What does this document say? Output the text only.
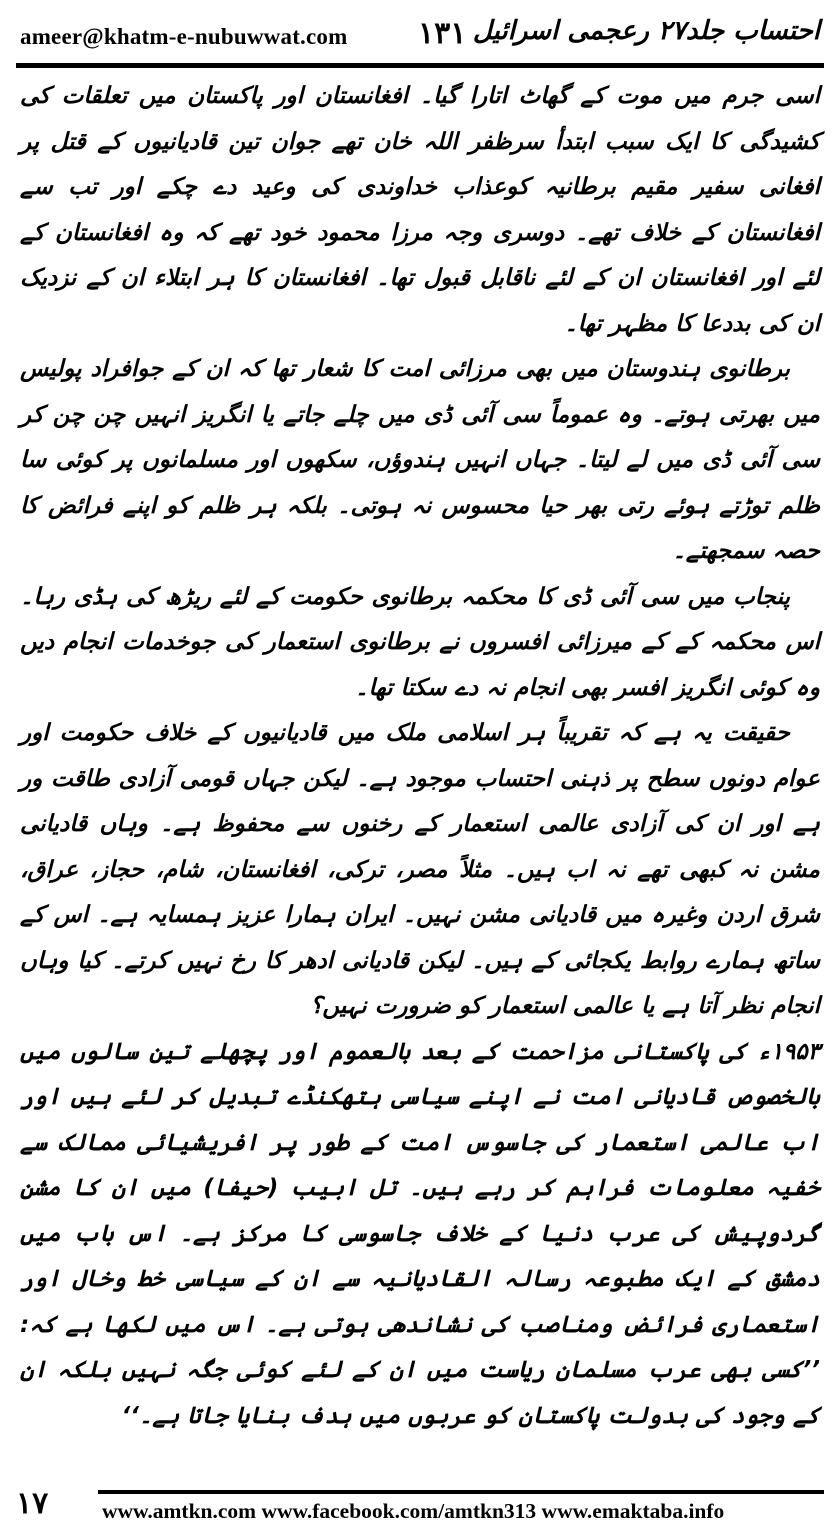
ameer@khatm-e-nubuwwat.com ۱۳۱ احتساب جلد۲۷ رعجمی اسرائیل

اسی جرم میں موت کے گھاٹ اتارا گیا۔ افغانستان اور پاکستان میں تعلقات کی کشیدگی کا ایک سبب ابتدأ سرظفر اللہ خان تھے جوان تین قادیانیوں کے قتل پر افغانی سفیر مقیم برطانیہ کوعذاب خداوندی کی وعید دے چکے اور تب سے افغانستان کے خلاف تھے۔ دوسری وجہ مرزا محمود خود تھے کہ وہ افغانستان کے لئے اور افغانستان ان کے لئے ناقابل قبول تھا۔ افغانستان کا ہر ابتلاء ان کے نزدیک ان کی بددعا کا مظہر تھا۔

برطانوی ہندوستان میں بھی مرزائی امت کا شعار تھا کہ ان کے جوافراد پولیس میں بھرتی ہوتے۔ وہ عموماً سی آئی ڈی میں چلے جاتے یا انگریز انہیں چن چن کر سی آئی ڈی میں لے لیتا۔ جہاں انہیں ہندوؤں، سکھوں اور مسلمانوں پر کوئی سا ظلم توڑتے ہوئے رتی بھر حیا محسوس نہ ہوتی۔ بلکہ ہر ظلم کو اپنے فرائض کا حصہ سمجھتے۔

پنجاب میں سی آئی ڈی کا محکمہ برطانوی حکومت کے لئے ریڑھ کی ہڈی رہا۔ اس محکمہ کے کے میرزائی افسروں نے برطانوی استعمار کی جوخدمات انجام دیں وہ کوئی انگریز افسر بھی انجام نہ دے سکتا تھا۔

حقیقت یہ ہے کہ تقریباً ہر اسلامی ملک میں قادیانیوں کے خلاف حکومت اور عوام دونوں سطح پر ذہنی احتساب موجود ہے۔ لیکن جہاں قومی آزادی طاقت ور ہے اور ان کی آزادی عالمی استعمار کے رخنوں سے محفوظ ہے۔ وہاں قادیانی مشن نہ کبھی تھے نہ اب ہیں۔ مثلاً مصر، ترکی، افغانستان، شام، حجاز، عراق، شرق اردن وغیرہ میں قادیانی مشن نہیں۔ ایران ہمارا عزیز ہمسایہ ہے۔ اس کے ساتھ ہمارے روابط یکجائی کے ہیں۔ لیکن قادیانی ادھر کا رخ نہیں کرتے۔ کیا وہاں انجام نظر آتا ہے یا عالمی استعمار کو ضرورت نہیں؟

۱۹۵۳ء کی پاکستانی مزاحمت کے بعد بالعموم اور پچھلے تین سالوں میں بالخصوص قادیانی امت نے اپنے سیاسی ہتھکنڈے تبدیل کر لئے ہیں اور اب عالمی استعمار کی جاسوس امت کے طور پر افریشیائی ممالک سے خفیہ معلومات فراہم کر رہے ہیں۔ تل ابیب (حیفا) میں ان کا مشن گردوپیش کی عرب دنیا کے خلاف جاسوسی کا مرکز ہے۔ اس باب میں دمشق کے ایک مطبوعہ رسالہ القادیانیہ سے ان کے سیاسی خط وخال اور استعماری فرائض ومناصب کی نشاندھی ہوتی ہے۔ اس میں لکھا ہے کہ: ’’کسی بھی عرب مسلمان ریاست میں ان کے لئے کوئی جگہ نہیں بلکہ ان کے وجود کی بدولت پاکستان کو عربوں میں ہدف بنایا جاتا ہے۔‘‘

۱۷	www.amtkn.com www.facebook.com/amtkn313 www.emaktaba.info
